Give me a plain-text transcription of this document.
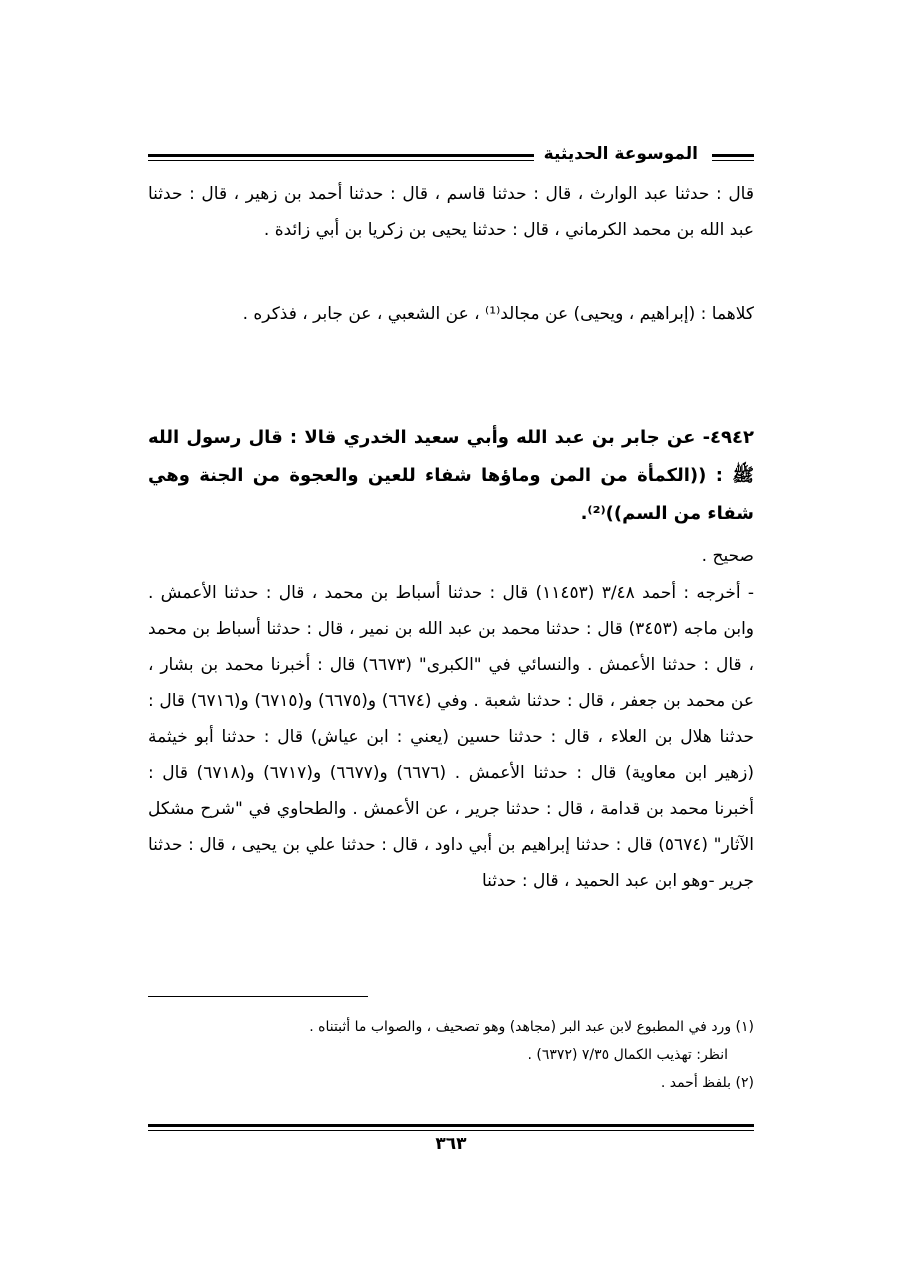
الموسوعة الحديثية
قال : حدثنا عبد الوارث ، قال : حدثنا قاسم ، قال : حدثنا أحمد بن زهير ، قال : حدثنا عبد الله بن محمد الكرماني ، قال : حدثنا يحيى بن زكريا بن أبي زائدة .
كلاهما : (إبراهيم ، ويحيى) عن مجالد⁽¹⁾ ، عن الشعبي ، عن جابر ، فذكره .
٤٩٤٢- عن جابر بن عبد الله وأبي سعيد الخدري قالا : قال رسول الله ﷺ : ((الكمأة من المن وماؤها شفاء للعين والعجوة من الجنة وهي شفاء من السم))⁽²⁾.
صحيح .
- أخرجه : أحمد ٣/٤٨ (١١٤٥٣) قال : حدثنا أسباط بن محمد ، قال : حدثنا الأعمش . وابن ماجه (٣٤٥٣) قال : حدثنا محمد بن عبد الله بن نمير ، قال : حدثنا أسباط بن محمد ، قال : حدثنا الأعمش . والنسائي في "الكبرى" (٦٦٧٣) قال : أخبرنا محمد بن بشار ، عن محمد بن جعفر ، قال : حدثنا شعبة . وفي (٦٦٧٤) و(٦٦٧٥) و(٦٧١٥) و(٦٧١٦) قال : حدثنا هلال بن العلاء ، قال : حدثنا حسين (يعني : ابن عياش) قال : حدثنا أبو خيثمة (زهير ابن معاوية) قال : حدثنا الأعمش . (٦٦٧٦) و(٦٦٧٧) و(٦٧١٧) و(٦٧١٨) قال : أخبرنا محمد بن قدامة ، قال : حدثنا جرير ، عن الأعمش . والطحاوي في "شرح مشكل الآثار" (٥٦٧٤) قال : حدثنا إبراهيم بن أبي داود ، قال : حدثنا علي بن يحيى ، قال : حدثنا جرير -وهو ابن عبد الحميد ، قال : حدثنا
(١) ورد في المطبوع لابن عبد البر (مجاهد) وهو تصحيف ، والصواب ما أثبتناه .
انظر: تهذيب الكمال ٧/٣٥ (٦٣٧٢) .
(٢) بلفظ أحمد .
٣٦٣
